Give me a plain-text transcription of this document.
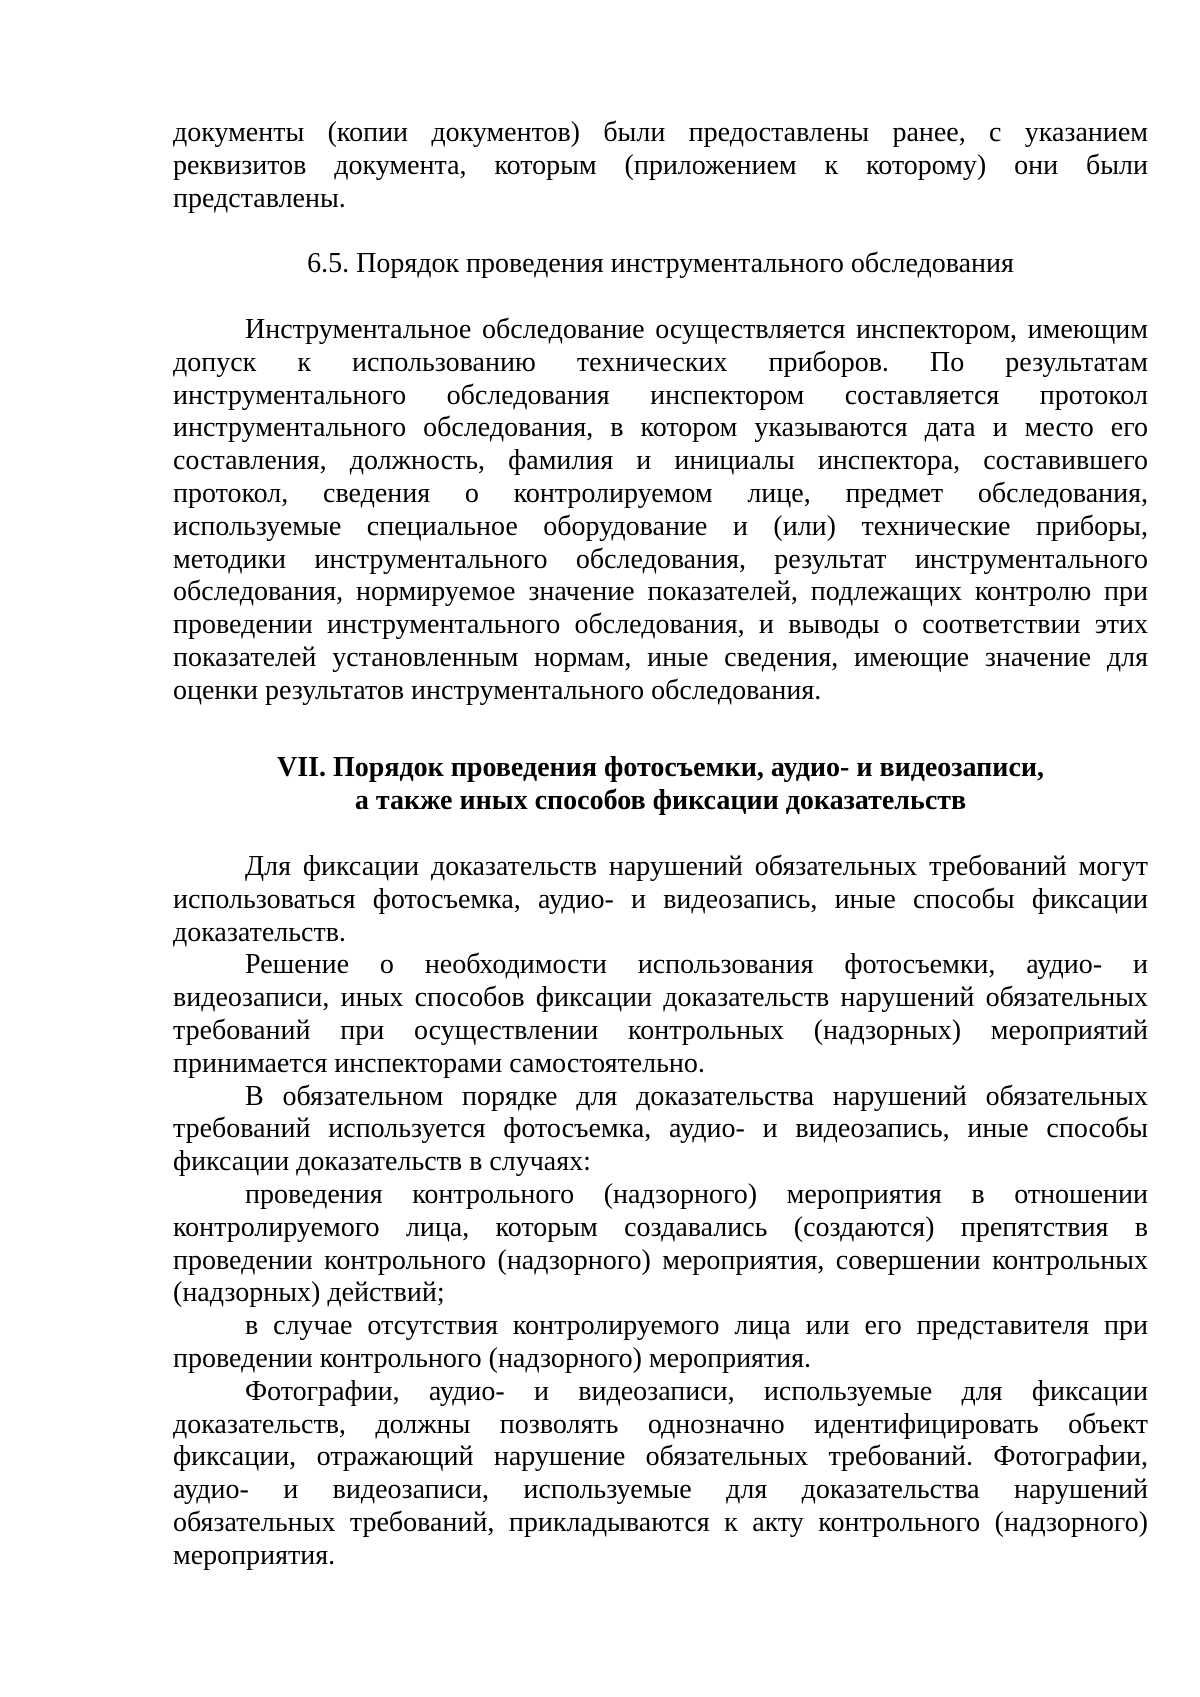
документы (копии документов) были предоставлены ранее, с указанием реквизитов документа, которым (приложением к которому) они были представлены.

6.5. Порядок проведения инструментального обследования

Инструментальное обследование осуществляется инспектором, имеющим допуск к использованию технических приборов. По результатам инструментального обследования инспектором составляется протокол инструментального обследования, в котором указываются дата и место его составления, должность, фамилия и инициалы инспектора, составившего протокол, сведения о контролируемом лице, предмет обследования, используемые специальное оборудование и (или) технические приборы, методики инструментального обследования, результат инструментального обследования, нормируемое значение показателей, подлежащих контролю при проведении инструментального обследования, и выводы о соответствии этих показателей установленным нормам, иные сведения, имеющие значение для оценки результатов инструментального обследования.

VII. Порядок проведения фотосъемки, аудио- и видеозаписи,
а также иных способов фиксации доказательств

Для фиксации доказательств нарушений обязательных требований могут использоваться фотосъемка, аудио- и видеозапись, иные способы фиксации доказательств.

Решение о необходимости использования фотосъемки, аудио- и видеозаписи, иных способов фиксации доказательств нарушений обязательных требований при осуществлении контрольных (надзорных) мероприятий принимается инспекторами самостоятельно.

В обязательном порядке для доказательства нарушений обязательных требований используется фотосъемка, аудио- и видеозапись, иные способы фиксации доказательств в случаях:

проведения контрольного (надзорного) мероприятия в отношении контролируемого лица, которым создавались (создаются) препятствия в проведении контрольного (надзорного) мероприятия, совершении контрольных (надзорных) действий;

в случае отсутствия контролируемого лица или его представителя при проведении контрольного (надзорного) мероприятия.

Фотографии, аудио- и видеозаписи, используемые для фиксации доказательств, должны позволять однозначно идентифицировать объект фиксации, отражающий нарушение обязательных требований. Фотографии, аудио- и видеозаписи, используемые для доказательства нарушений обязательных требований, прикладываются к акту контрольного (надзорного) мероприятия.
